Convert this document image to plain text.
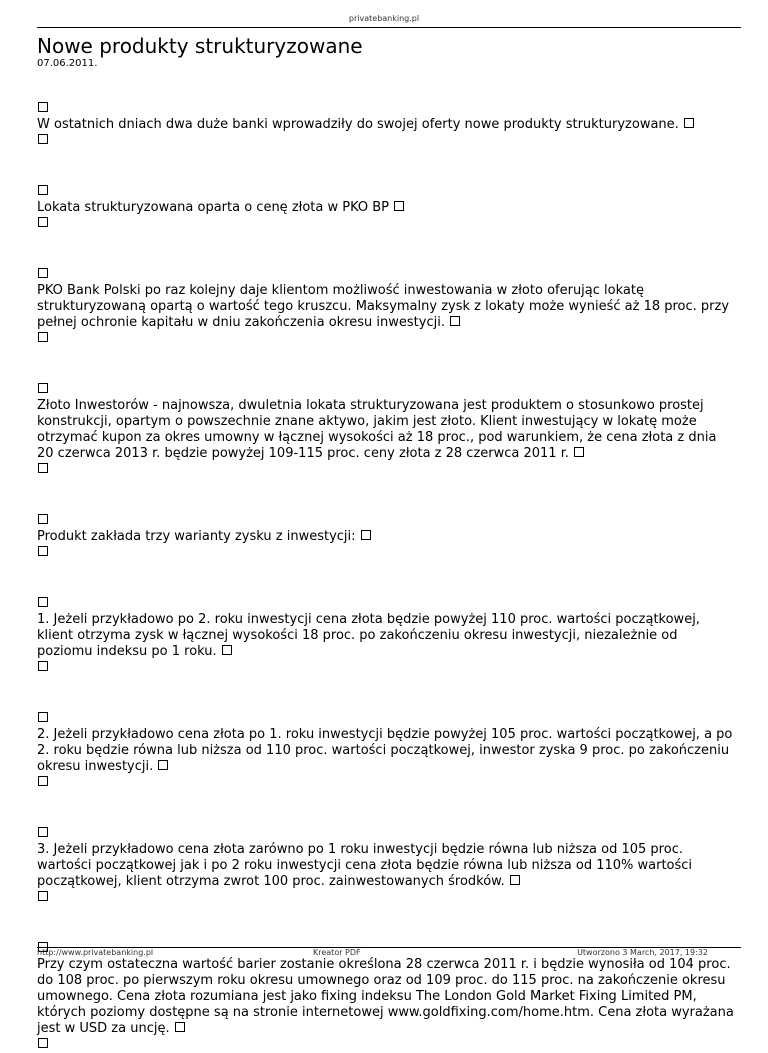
privatebanking.pl
Nowe produkty strukturyzowane
07.06.2011.

W ostatnich dniach dwa duże banki wprowadziły do swojej oferty nowe produkty strukturyzowane.

Lokata strukturyzowana oparta o cenę złota w PKO BP

PKO Bank Polski po raz kolejny daje klientom możliwość inwestowania w złoto oferując lokatę strukturyzowaną opartą o wartość tego kruszcu. Maksymalny zysk z lokaty może wynieść aż 18 proc. przy pełnej ochronie kapitału w dniu zakończenia okresu inwestycji.

Złoto Inwestorów - najnowsza, dwuletnia lokata strukturyzowana jest produktem o stosunkowo prostej konstrukcji, opartym o powszechnie znane aktywo, jakim jest złoto. Klient inwestujący w lokatę może otrzymać kupon za okres umowny w łącznej wysokości aż 18 proc., pod warunkiem, że cena złota z dnia 20 czerwca 2013 r. będzie powyżej 109-115 proc. ceny złota z 28 czerwca 2011 r.

Produkt zakłada trzy warianty zysku z inwestycji:

1. Jeżeli przykładowo po 2. roku inwestycji cena złota będzie powyżej 110 proc. wartości początkowej, klient otrzyma zysk w łącznej wysokości 18 proc. po zakończeniu okresu inwestycji, niezależnie od poziomu indeksu po 1 roku.

2. Jeżeli przykładowo cena złota po 1. roku inwestycji będzie powyżej 105 proc. wartości początkowej, a po 2. roku będzie równa lub niższa od 110 proc. wartości początkowej, inwestor zyska 9 proc. po zakończeniu okresu inwestycji.

3. Jeżeli przykładowo cena złota zarówno po 1 roku inwestycji będzie równa lub niższa od 105 proc. wartości początkowej jak i po 2 roku inwestycji cena złota będzie równa lub niższa od 110% wartości początkowej, klient otrzyma zwrot 100 proc. zainwestowanych środków.

Przy czym ostateczna wartość barier zostanie określona 28 czerwca 2011 r. i będzie wynosiła od 104 proc. do 108 proc. po pierwszym roku okresu umownego oraz od 109 proc. do 115 proc. na zakończenie okresu umownego. Cena złota rozumiana jest jako fixing indeksu The London Gold Market Fixing Limited PM, których poziomy dostępne są na stronie internetowej www.goldfixing.com/home.htm. Cena złota wyrażana jest w USD za uncję.

http://www.privatebanking.pl	Kreator PDF	Utworzono 3 March, 2017, 19:32
